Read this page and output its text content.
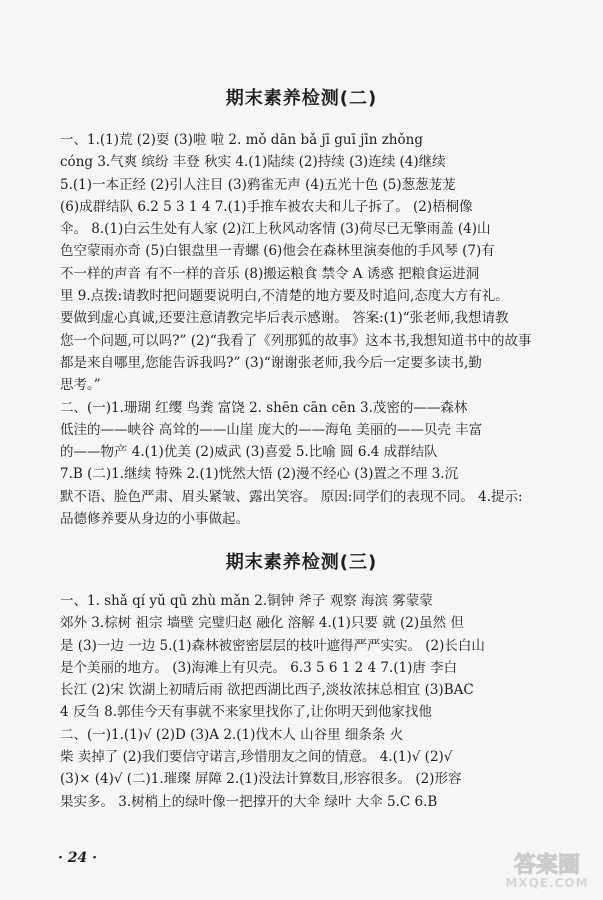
期末素养检测(二)
一、1.(1)荒 (2)耍 (3)啦 啦 2. mǒ dān bǎ jī guī jīn zhǒng
cóng 3.气爽 缤纷 丰登 秋实 4.(1)陆续 (2)持续 (3)连续 (4)继续
5.(1)一本正经 (2)引人注目 (3)鸦雀无声 (4)五光十色 (5)葱葱茏茏
(6)成群结队 6.2 5 3 1 4 7.(1)手推车被农夫和儿子拆了。 (2)梧桐像
伞。 8.(1)白云生处有人家 (2)江上秋风动客情 (3)荷尽已无擎雨盖 (4)山
色空蒙雨亦奇 (5)白银盘里一青螺 (6)他会在森林里演奏他的手风琴 (7)有
不一样的声音 有不一样的音乐 (8)搬运粮食 禁令 A 诱惑 把粮食运进洞
里 9.点拨:请教时把问题要说明白,不清楚的地方要及时追问,态度大方有礼。
要做到虚心真诚,还要注意请教完毕后表示感谢。 答案:(1)“张老师,我想请教
您一个问题,可以吗?” (2)“我看了《列那狐的故事》这本书,我想知道书中的故事
都是来自哪里,您能告诉我吗?” (3)“谢谢张老师,我今后一定要多读书,勤
思考。”
二、(一)1.珊瑚 红缨 鸟粪 富饶 2. shēn cān cēn 3.茂密的——森林
低洼的——峡谷 高耸的——山崖 庞大的——海龟 美丽的——贝壳 丰富
的——物产 4.(1)优美 (2)威武 (3)喜爱 5.比喻 圆 6.4 成群结队
7.B (二)1.继续 特殊 2.(1)恍然大悟 (2)漫不经心 (3)置之不理 3.沉
默不语、脸色严肃、眉头紧皱、露出笑容。 原因:同学们的表现不同。 4.提示:
品德修养要从身边的小事做起。
期末素养检测(三)
一、1. shǎ qí yǔ qū zhù mǎn 2.铜钟 斧子 观察 海滨 雾蒙蒙
郊外 3.棕树 祖宗 墙壁 完璧归赵 融化 溶解 4.(1)只要 就 (2)虽然 但
是 (3)一边 一边 5.(1)森林被密密层层的枝叶遮得严严实实。 (2)长白山
是个美丽的地方。 (3)海滩上有贝壳。 6.3 5 6 1 2 4 7.(1)唐 李白
长江 (2)宋 饮湖上初晴后雨 欲把西湖比西子,淡妆浓抹总相宜 (3)BAC
4 反刍 8.郭佳今天有事就不来家里找你了,让你明天到他家找他
二、(一)1.(1)√ (2)D (3)A 2.(1)伐木人 山谷里 细条条 火
柴 卖掉了 (2)我们要信守诺言,珍惜朋友之间的情意。 4.(1)√ (2)√
(3)× (4)√ (二)1.璀璨 屏障 2.(1)没法计算数目,形容很多。 (2)形容
果实多。 3.树梢上的绿叶像一把撑开的大伞 绿叶 大伞 5.C 6.B
· 24 ·	答案圈
MXQE.COM
